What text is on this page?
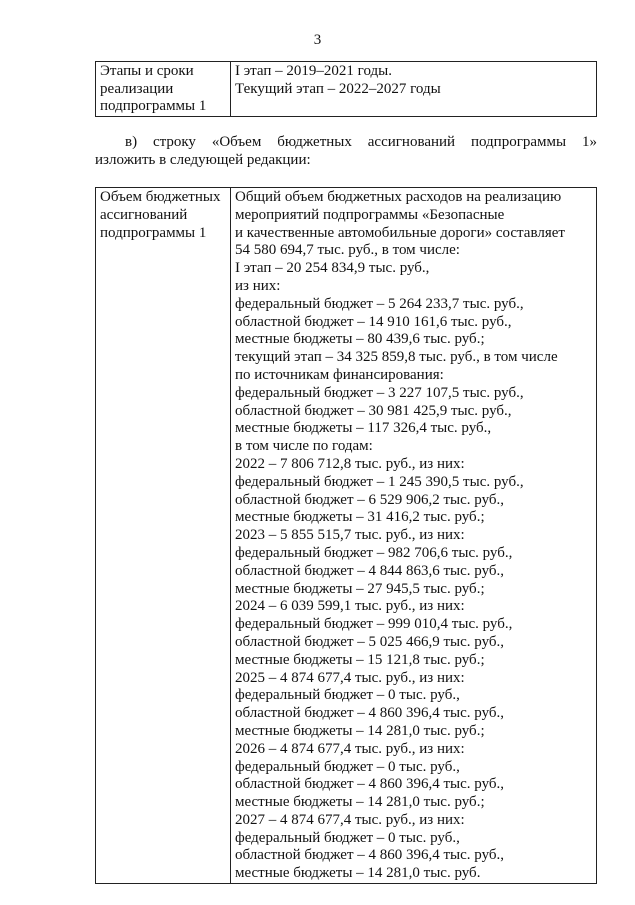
3
Этапы и сроки
реализации
подпрограммы 1

I этап – 2019–2021 годы.
Текущий этап – 2022–2027 годы
в) строку «Объем бюджетных ассигнований подпрограммы 1»
изложить в следующей редакции:
Объем бюджетных
ассигнований
подпрограммы 1

Общий объем бюджетных расходов на реализацию
мероприятий подпрограммы «Безопасные
и качественные автомобильные дороги» составляет
54 580 694,7 тыс. руб., в том числе:
I этап – 20 254 834,9 тыс. руб.,
из них:
федеральный бюджет – 5 264 233,7 тыс. руб.,
областной бюджет – 14 910 161,6 тыс. руб.,
местные бюджеты – 80 439,6 тыс. руб.;
текущий этап – 34 325 859,8 тыс. руб., в том числе
по источникам финансирования:
федеральный бюджет – 3 227 107,5 тыс. руб.,
областной бюджет – 30 981 425,9 тыс. руб.,
местные бюджеты – 117 326,4 тыс. руб.,
в том числе по годам:
2022 – 7 806 712,8 тыс. руб., из них:
федеральный бюджет – 1 245 390,5 тыс. руб.,
областной бюджет – 6 529 906,2 тыс. руб.,
местные бюджеты – 31 416,2 тыс. руб.;
2023 – 5 855 515,7 тыс. руб., из них:
федеральный бюджет – 982 706,6 тыс. руб.,
областной бюджет – 4 844 863,6 тыс. руб.,
местные бюджеты – 27 945,5 тыс. руб.;
2024 – 6 039 599,1 тыс. руб., из них:
федеральный бюджет – 999 010,4 тыс. руб.,
областной бюджет – 5 025 466,9 тыс. руб.,
местные бюджеты – 15 121,8 тыс. руб.;
2025 – 4 874 677,4 тыс. руб., из них:
федеральный бюджет – 0 тыс. руб.,
областной бюджет – 4 860 396,4 тыс. руб.,
местные бюджеты – 14 281,0 тыс. руб.;
2026 – 4 874 677,4 тыс. руб., из них:
федеральный бюджет – 0 тыс. руб.,
областной бюджет – 4 860 396,4 тыс. руб.,
местные бюджеты – 14 281,0 тыс. руб.;
2027 – 4 874 677,4 тыс. руб., из них:
федеральный бюджет – 0 тыс. руб.,
областной бюджет – 4 860 396,4 тыс. руб.,
местные бюджеты – 14 281,0 тыс. руб.
